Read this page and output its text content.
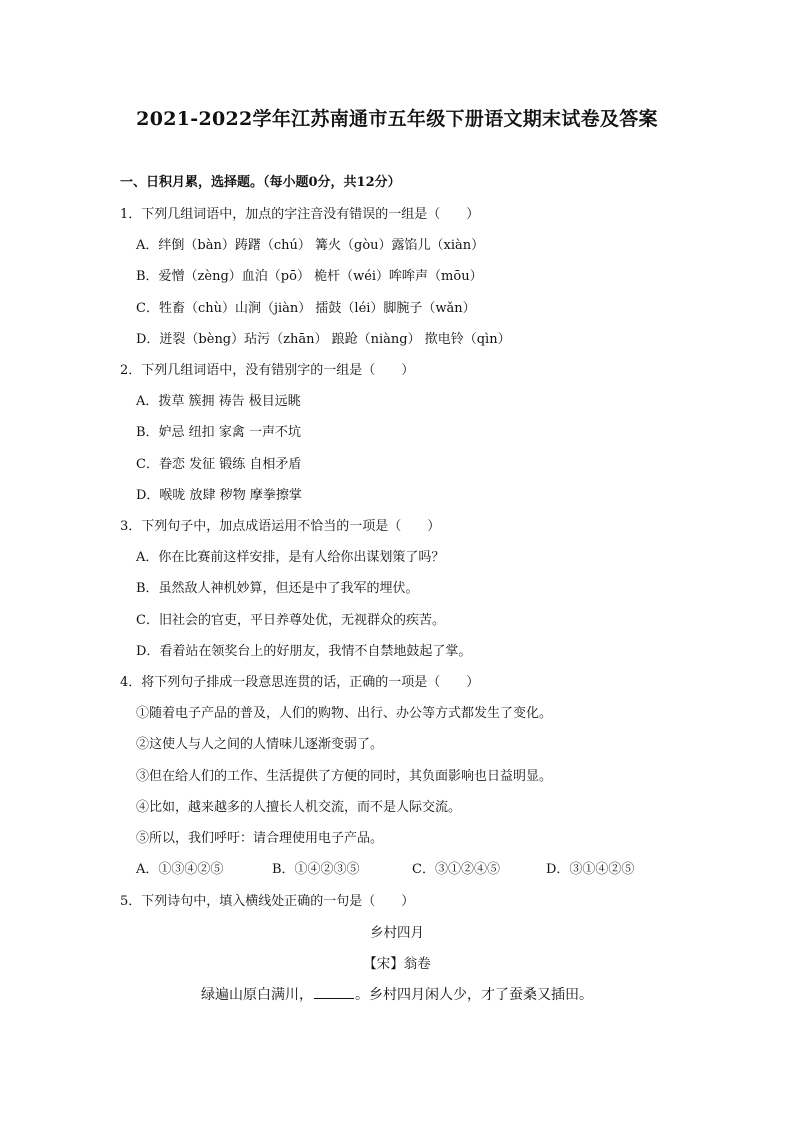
2021-2022学年江苏南通市五年级下册语文期末试卷及答案

一、日积月累，选择题。（每小题0分，共12分）

1．下列几组词语中，加点的字注音没有错误的一组是（　　）

A．绊倒（bàn）踌躇（chú） 篝火（gòu）露馅儿（xiàn）

B．爱憎（zèng）血泊（pō） 桅杆（wéi）哞哞声（mōu）

C．牲畜（chù）山涧（jiàn） 擂鼓（léi）脚腕子（wǎn）

D．迸裂（bèng）玷污（zhān） 踉跄（niàng） 揿电铃（qìn）

2．下列几组词语中，没有错别字的一组是（　　）

A．拨草 簇拥 祷告 极目远眺

B．妒忌 纽扣 家禽 一声不坑

C．眷恋 发征 锻练 自相矛盾

D．喉咙 放肆 秽物 摩拳擦掌

3．下列句子中，加点成语运用不恰当的一项是（　　）

A．你在比赛前这样安排，是有人给你出谋划策了吗？

B．虽然敌人神机妙算，但还是中了我军的埋伏。

C．旧社会的官吏，平日养尊处优，无视群众的疾苦。

D．看着站在领奖台上的好朋友，我情不自禁地鼓起了掌。

4．将下列句子排成一段意思连贯的话，正确的一项是（　　）

①随着电子产品的普及，人们的购物、出行、办公等方式都发生了变化。

②这使人与人之间的人情味儿逐渐变弱了。

③但在给人们的工作、生活提供了方便的同时，其负面影响也日益明显。

④比如，越来越多的人擅长人机交流，而不是人际交流。

⑤所以，我们呼吁：请合理使用电子产品。

A．①③④②⑤	B．①④②③⑤	C．③①②④⑤	D．③①④②⑤

5．下列诗句中，填入横线处正确的一句是（　　）

乡村四月

【宋】翁卷

绿遍山原白满川，	。乡村四月闲人少，才了蚕桑又插田。
